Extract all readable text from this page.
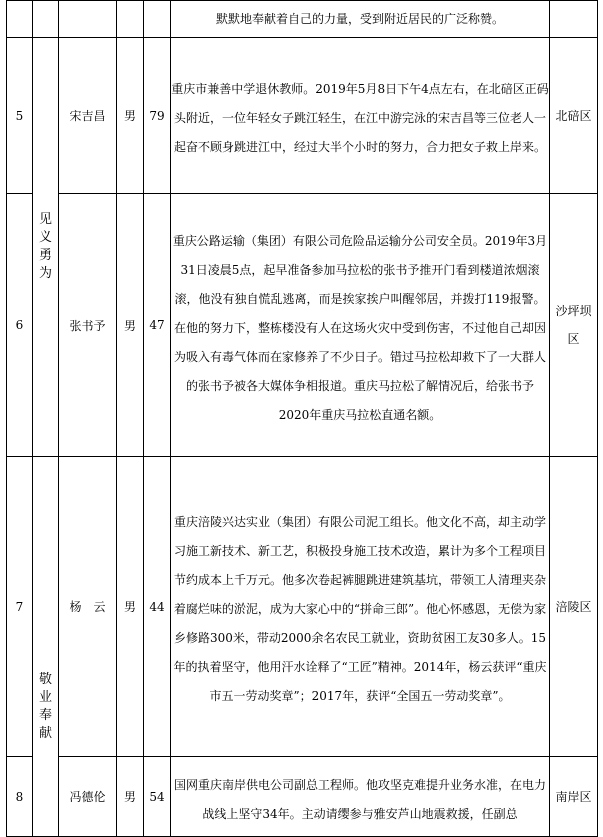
					默默地奉献着自己的力量，受到附近居民的广泛称赞。	
5	见义勇为	宋吉昌	男	79	重庆市兼善中学退休教师。2019年5月8日下午4点左右，在北碚区正码头附近，一位年轻女子跳江轻生，在江中游完泳的宋吉昌等三位老人一起奋不顾身跳进江中，经过大半个小时的努力，合力把女子救上岸来。	北碚区
6		张书予	男	47	重庆公路运输（集团）有限公司危险品运输分公司安全员。2019年3月31日凌晨5点，起早准备参加马拉松的张书予推开门看到楼道浓烟滚滚，他没有独自慌乱逃离，而是挨家挨户叫醒邻居，并拨打119报警。在他的努力下，整栋楼没有人在这场火灾中受到伤害，不过他自己却因为吸入有毒气体而在家修养了不少日子。错过马拉松却救下了一大群人的张书予被各大媒体争相报道。重庆马拉松了解情况后，给张书予2020年重庆马拉松直通名额。	沙坪坝区
7	敬业奉献	杨　云	男	44	重庆涪陵兴达实业（集团）有限公司泥工组长。他文化不高，却主动学习施工新技术、新工艺，积极投身施工技术改造，累计为多个工程项目节约成本上千万元。他多次卷起裤腿跳进建筑基坑，带领工人清理夹杂着腐烂味的淤泥，成为大家心中的“拼命三郎”。他心怀感恩，无偿为家乡修路300米，带动2000余名农民工就业，资助贫困工友30多人。15年的执着坚守，他用汗水诠释了“工匠”精神。2014年，杨云获评“重庆市五一劳动奖章”；2017年，获评“全国五一劳动奖章”。	涪陵区
8		冯德伦	男	54	国网重庆南岸供电公司副总工程师。他攻坚克难提升业务水准，在电力战线上坚守34年。主动请缨参与雅安芦山地震救援，任副总	南岸区
